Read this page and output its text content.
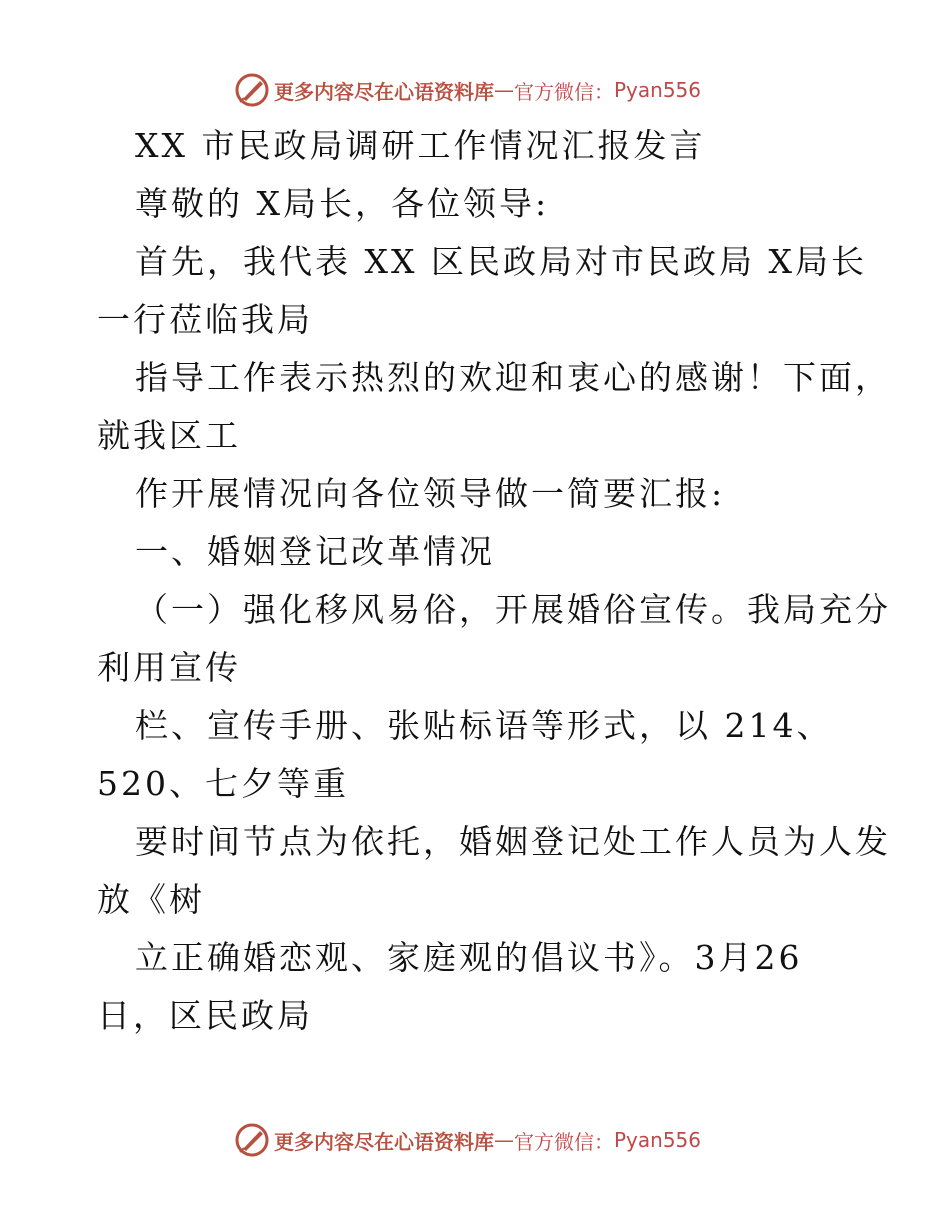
更多内容尽在心语资料库 — 官方微信： Pyan556
XX 市民政局调研工作情况汇报发言
尊敬的 X局长，各位领导:
首先，我代表 XX 区民政局对市民政局 X局长
一行莅临我局
指导工作表示热烈的欢迎和衷心的感谢！下面，
就我区工
作开展情况向各位领导做一简要汇报:
一、婚姻登记改革情况
（一）强化移风易俗，开展婚俗宣传。我局充分
利用宣传
栏、宣传手册、张贴标语等形式，以 214、
520、七夕等重
要时间节点为依托，婚姻登记处工作人员为人发
放《树
立正确婚恋观、家庭观的倡议书》。3月26
日，区民政局
更多内容尽在心语资料库 — 官方微信： Pyan556
